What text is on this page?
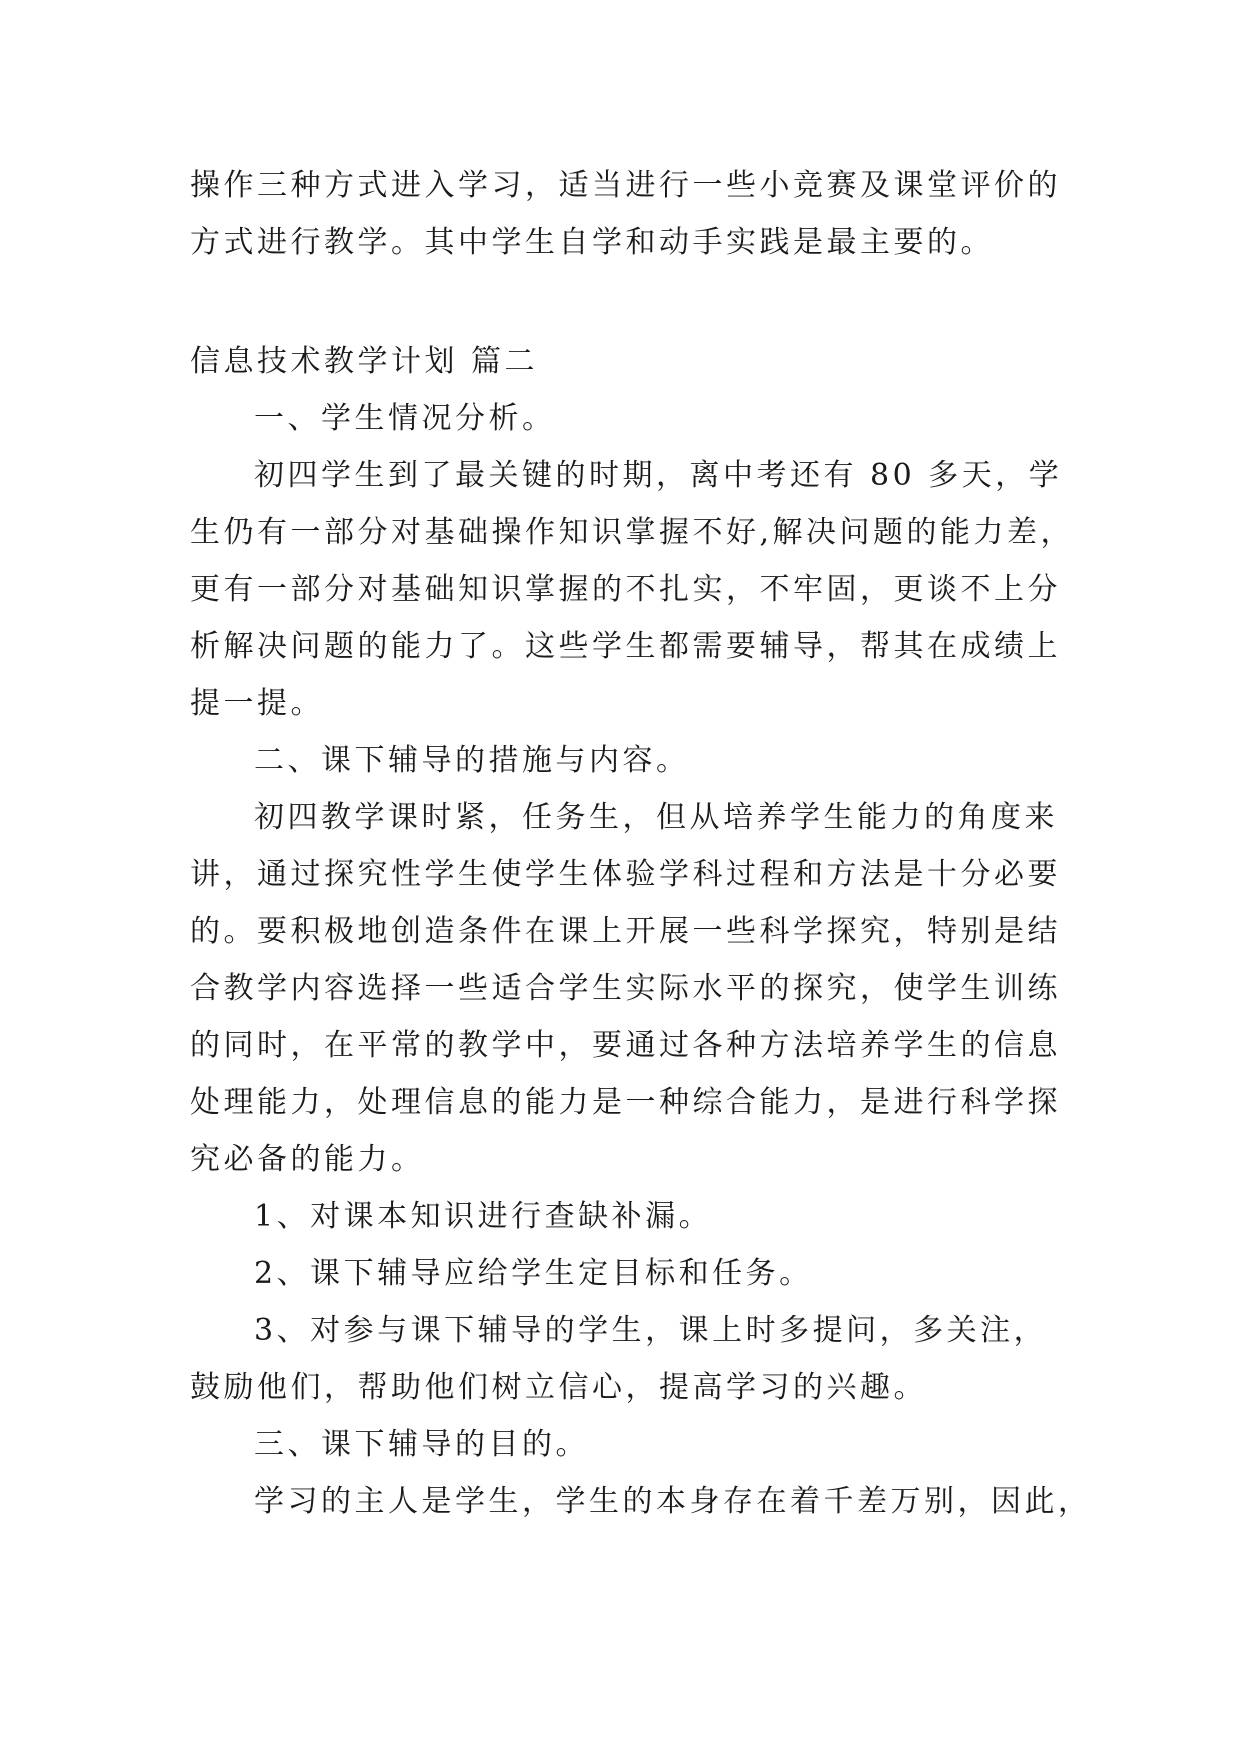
操作三种方式进入学习，适当进行一些小竞赛及课堂评价的

方式进行教学。其中学生自学和动手实践是最主要的。

信息技术教学计划 篇二

一、学生情况分析。

初四学生到了最关键的时期，离中考还有 80 多天，学

生仍有一部分对基础操作知识掌握不好,解决问题的能力差，

更有一部分对基础知识掌握的不扎实，不牢固，更谈不上分

析解决问题的能力了。这些学生都需要辅导，帮其在成绩上

提一提。

二、课下辅导的措施与内容。

初四教学课时紧，任务生，但从培养学生能力的角度来

讲，通过探究性学生使学生体验学科过程和方法是十分必要

的。要积极地创造条件在课上开展一些科学探究，特别是结

合教学内容选择一些适合学生实际水平的探究，使学生训练

的同时，在平常的教学中，要通过各种方法培养学生的信息

处理能力，处理信息的能力是一种综合能力，是进行科学探

究必备的能力。

1、对课本知识进行查缺补漏。

2、课下辅导应给学生定目标和任务。

3、对参与课下辅导的学生，课上时多提问，多关注，

鼓励他们，帮助他们树立信心，提高学习的兴趣。

三、课下辅导的目的。

学习的主人是学生，学生的本身存在着千差万别，因此，
